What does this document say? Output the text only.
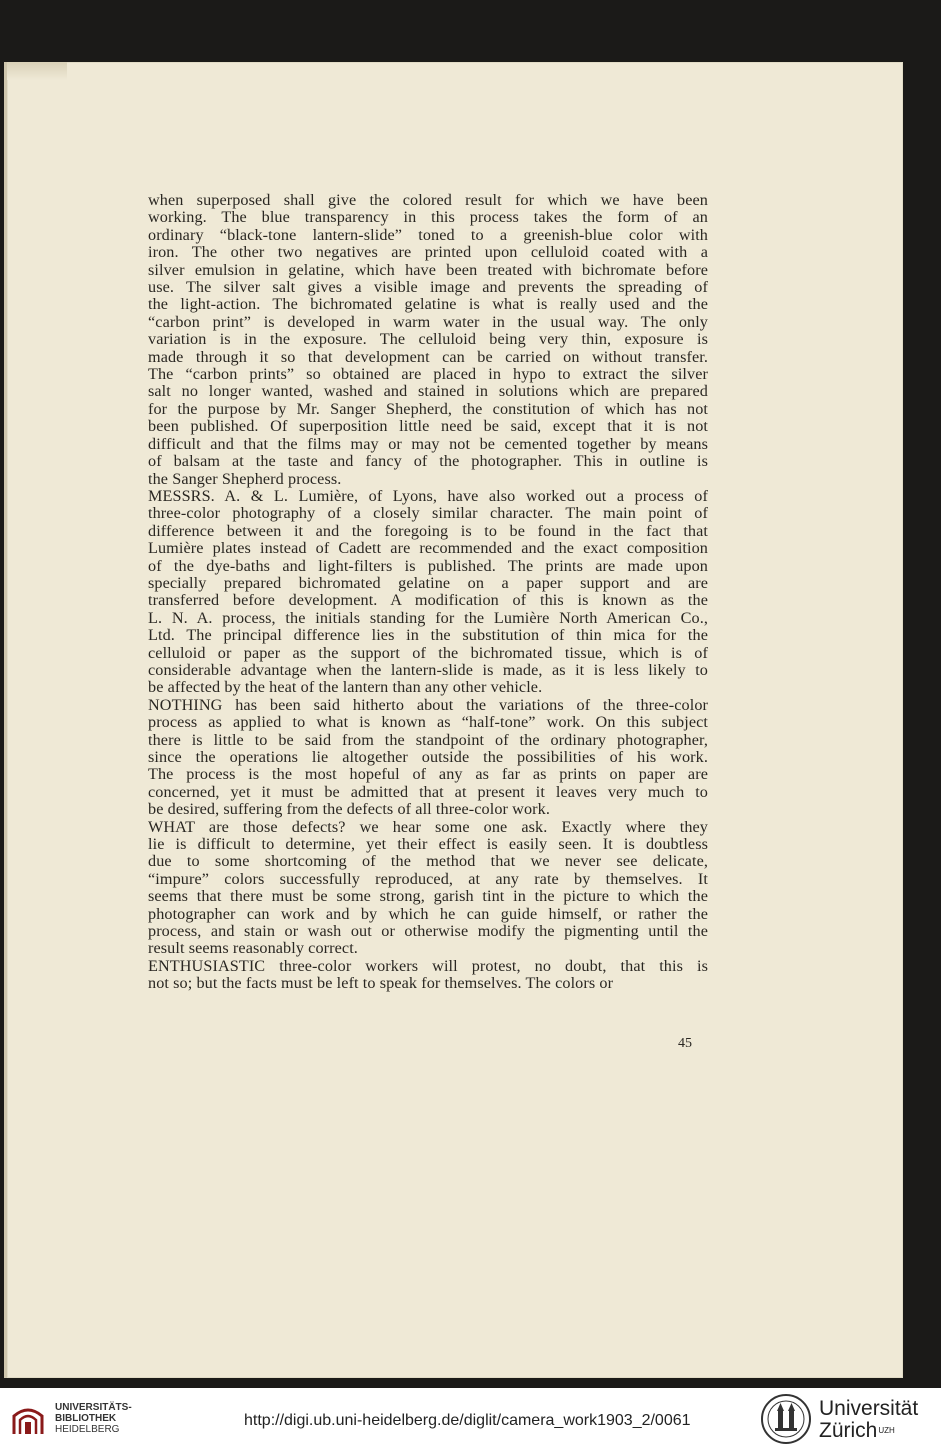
when superposed shall give the colored result for which we have been

working. The blue transparency in this process takes the form of an

ordinary “black-tone lantern-slide” toned to a greenish-blue color with

iron. The other two negatives are printed upon celluloid coated with a

silver emulsion in gelatine, which have been treated with bichromate before

use. The silver salt gives a visible image and prevents the spreading of

the light-action. The bichromated gelatine is what is really used and the

“carbon print” is developed in warm water in the usual way. The only

variation is in the exposure. The celluloid being very thin, exposure is

made through it so that development can be carried on without transfer.

The “carbon prints” so obtained are placed in hypo to extract the silver

salt no longer wanted, washed and stained in solutions which are prepared

for the purpose by Mr. Sanger Shepherd, the constitution of which has not

been published. Of superposition little need be said, except that it is not

difficult and that the films may or may not be cemented together by means

of balsam at the taste and fancy of the photographer. This in outline is

the Sanger Shepherd process.

MESSRS. A. & L. Lumière, of Lyons, have also worked out a process of

three-color photography of a closely similar character. The main point of

difference between it and the foregoing is to be found in the fact that

Lumière plates instead of Cadett are recommended and the exact composition

of the dye-baths and light-filters is published. The prints are made upon

specially prepared bichromated gelatine on a paper support and are

transferred before development. A modification of this is known as the

L. N. A. process, the initials standing for the Lumière North American Co.,

Ltd. The principal difference lies in the substitution of thin mica for the

celluloid or paper as the support of the bichromated tissue, which is of

considerable advantage when the lantern-slide is made, as it is less likely to

be affected by the heat of the lantern than any other vehicle.

NOTHING has been said hitherto about the variations of the three-color

process as applied to what is known as “half-tone” work. On this subject

there is little to be said from the standpoint of the ordinary photographer,

since the operations lie altogether outside the possibilities of his work.

The process is the most hopeful of any as far as prints on paper are

concerned, yet it must be admitted that at present it leaves very much to

be desired, suffering from the defects of all three-color work.

WHAT are those defects? we hear some one ask. Exactly where they

lie is difficult to determine, yet their effect is easily seen. It is doubtless

due to some shortcoming of the method that we never see delicate,

“impure” colors successfully reproduced, at any rate by themselves. It

seems that there must be some strong, garish tint in the picture to which the

photographer can work and by which he can guide himself, or rather the

process, and stain or wash out or otherwise modify the pigmenting until the

result seems reasonably correct.

ENTHUSIASTIC three-color workers will protest, no doubt, that this is

not so; but the facts must be left to speak for themselves. The colors or

45
UNIVERSITÄTS-
BIBLIOTHEK
HEIDELBERG
http://digi.ub.uni-heidelberg.de/diglit/camera_work1903_2/0061
Universität
Zürich$^{UZH}$
